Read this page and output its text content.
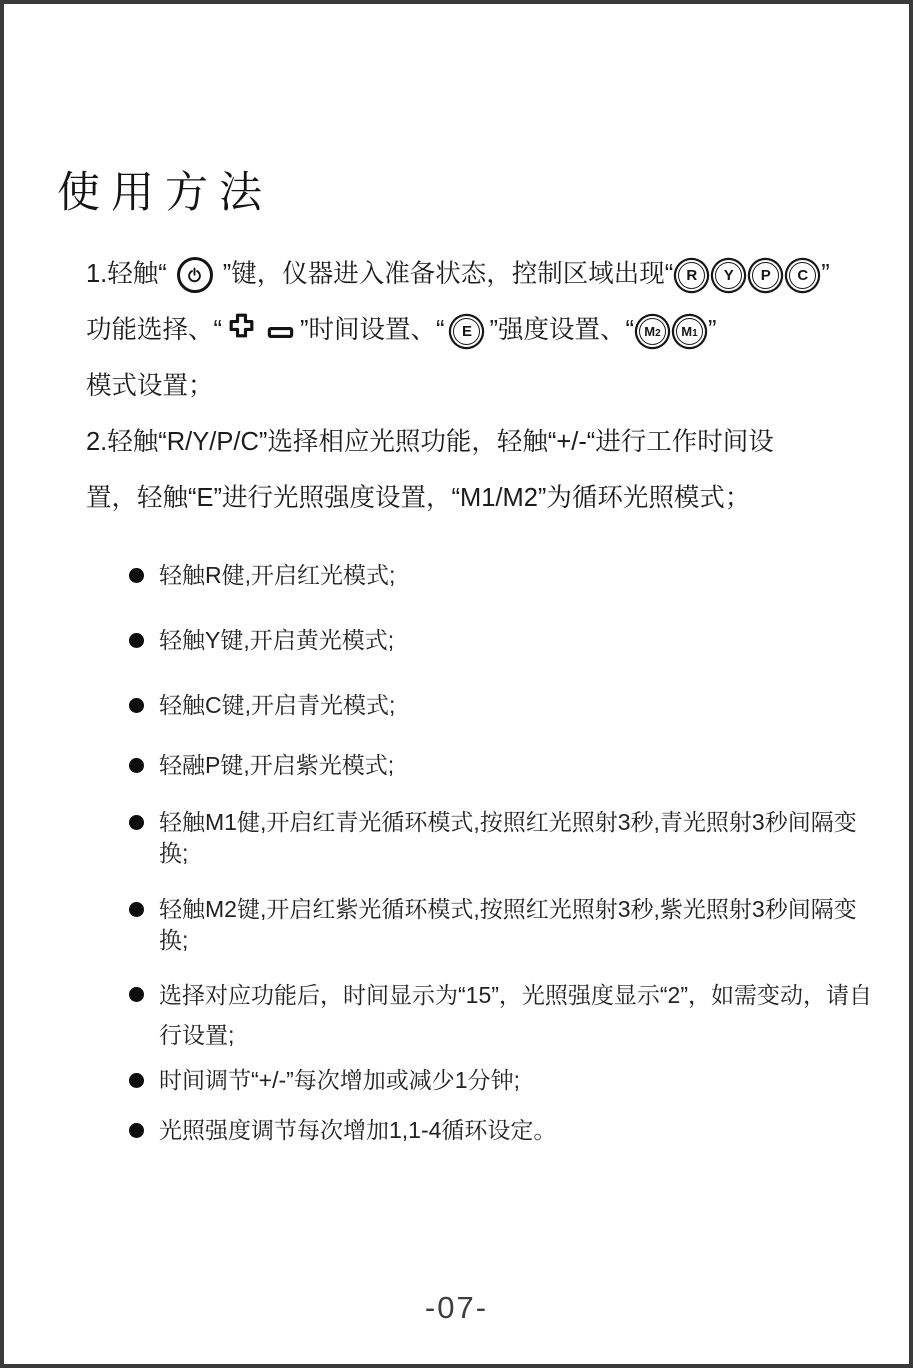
使用方法
1.轻触“ ”键，仪器进入准备状态，控制区域出现“ R Y P C ”
功能选择、“	”时间设置、“ E ”强度设置、“ $M_2$ $M_1$ ”
模式设置；
2.轻触“R/Y/P/C”选择相应光照功能，轻触“+/-“进行工作时间设
置，轻触“E”进行光照强度设置，“M1/M2”为循环光照模式；
轻触R健,开启红光模式;
轻触Y键,开启黄光模式;
轻触C键,开启青光模式;
轻融P键,开启紫光模式;
轻触M1健,开启红青光循环模式,按照红光照射3秒,青光照射3秒间隔变换;
轻触M2键,开启红紫光循环模式,按照红光照射3秒,紫光照射3秒间隔变换;
选择对应功能后，时间显示为“15”，光照强度显示“2”，如需变动，请自行设置;
时间调节“+/-”每次增加或减少1分钟;
光照强度调节每次增加1,1-4循环设定。
-07-
